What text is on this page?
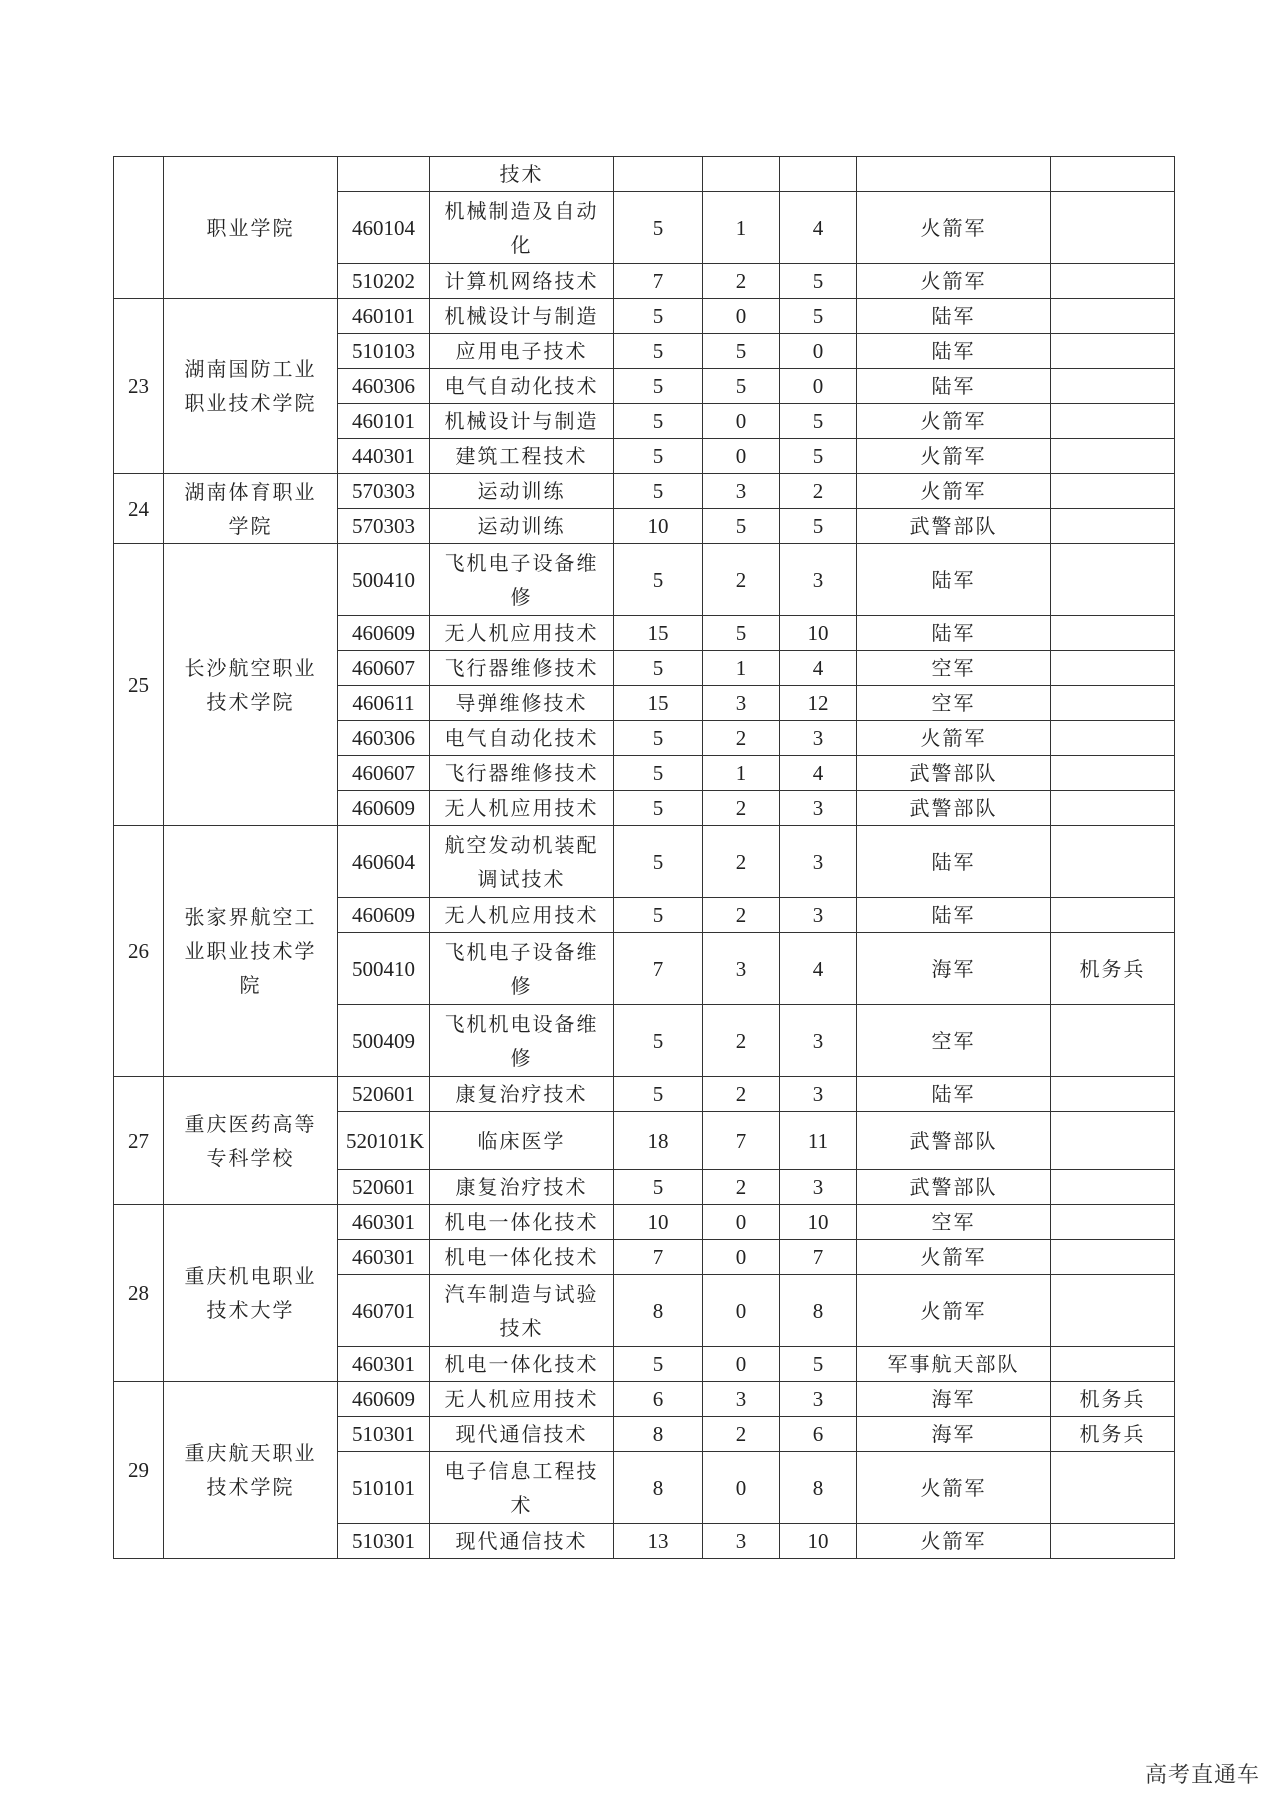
	职业学院		技术					
		460104	机械制造及自动化	5	1	4	火箭军	
		510202	计算机网络技术	7	2	5	火箭军	
23	湖南国防工业职业技术学院	460101	机械设计与制造	5	0	5	陆军	
		510103	应用电子技术	5	5	0	陆军	
		460306	电气自动化技术	5	5	0	陆军	
		460101	机械设计与制造	5	0	5	火箭军	
		440301	建筑工程技术	5	0	5	火箭军	
24	湖南体育职业学院	570303	运动训练	5	3	2	火箭军	
		570303	运动训练	10	5	5	武警部队	
25	长沙航空职业技术学院	500410	飞机电子设备维修	5	2	3	陆军	
		460609	无人机应用技术	15	5	10	陆军	
		460607	飞行器维修技术	5	1	4	空军	
		460611	导弹维修技术	15	3	12	空军	
		460306	电气自动化技术	5	2	3	火箭军	
		460607	飞行器维修技术	5	1	4	武警部队	
		460609	无人机应用技术	5	2	3	武警部队	
26	张家界航空工业职业技术学院	460604	航空发动机装配调试技术	5	2	3	陆军	
		460609	无人机应用技术	5	2	3	陆军	
		500410	飞机电子设备维修	7	3	4	海军	机务兵
		500409	飞机机电设备维修	5	2	3	空军	
27	重庆医药高等专科学校	520601	康复治疗技术	5	2	3	陆军	
		520101K	临床医学	18	7	11	武警部队	
		520601	康复治疗技术	5	2	3	武警部队	
28	重庆机电职业技术大学	460301	机电一体化技术	10	0	10	空军	
		460301	机电一体化技术	7	0	7	火箭军	
		460701	汽车制造与试验技术	8	0	8	火箭军	
		460301	机电一体化技术	5	0	5	军事航天部队	
29	重庆航天职业技术学院	460609	无人机应用技术	6	3	3	海军	机务兵
		510301	现代通信技术	8	2	6	海军	机务兵
		510101	电子信息工程技术	8	0	8	火箭军	
		510301	现代通信技术	13	3	10	火箭军	
高考直通车
